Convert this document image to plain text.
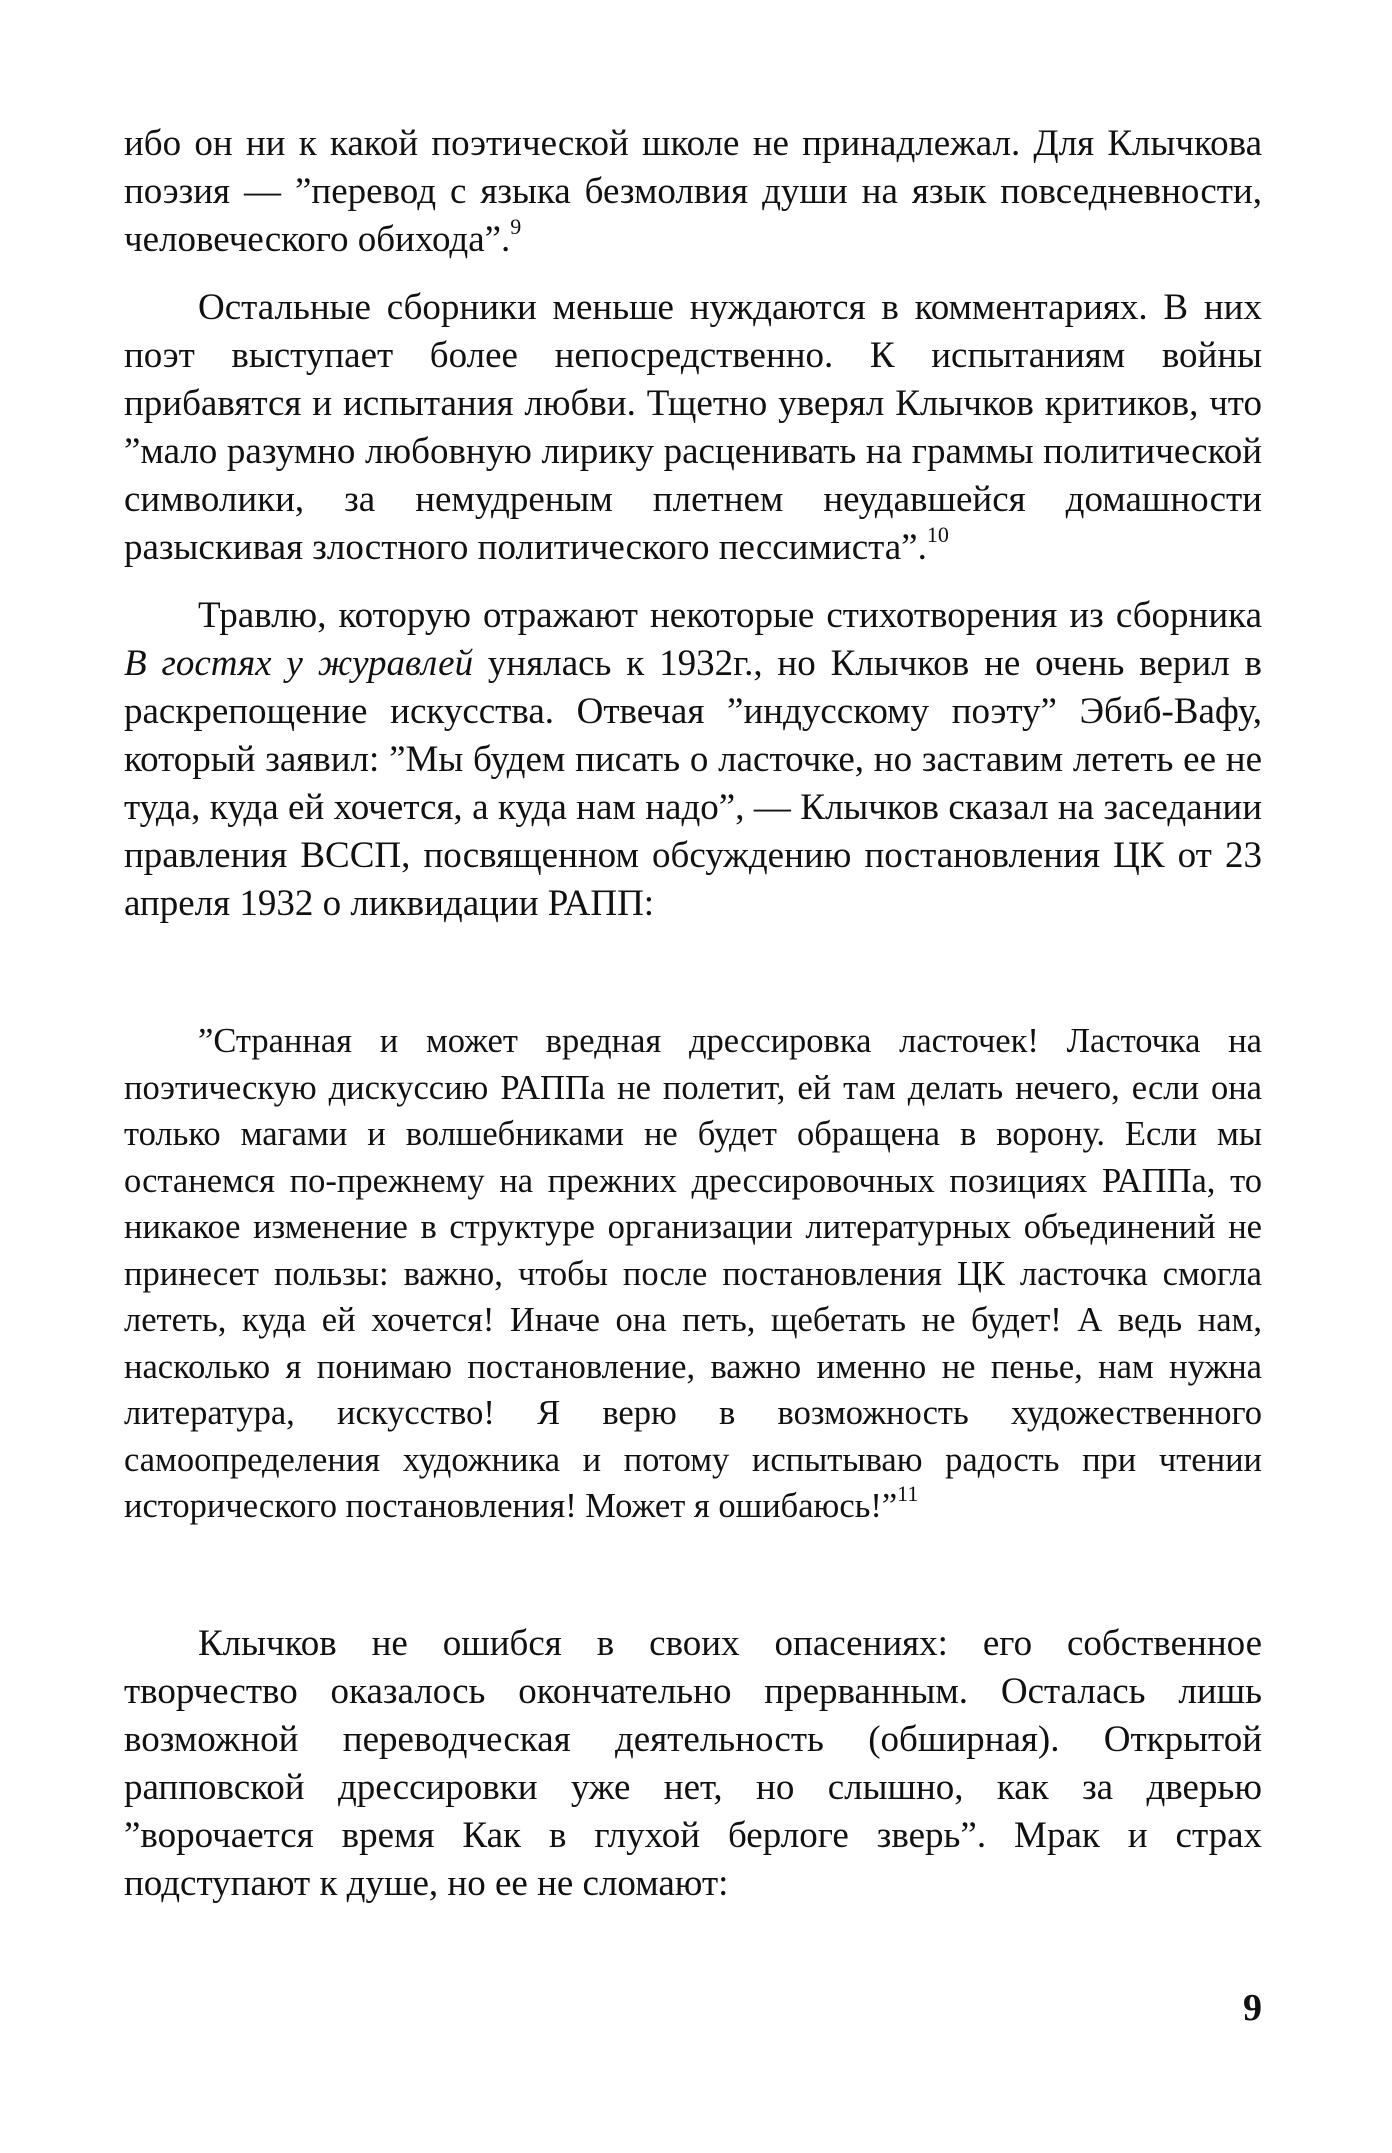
ибо он ни к какой поэтической школе не принадлежал. Для Клычкова поэзия — ”перевод с языка безмолвия души на язык повседневности, человеческого обихода”.$^9$

Остальные сборники меньше нуждаются в комментариях. В них поэт выступает более непосредственно. К испытаниям войны прибавятся и испытания любви. Тщетно уверял Клычков критиков, что ”мало разумно любовную лирику расценивать на граммы политической символики, за немудреным плетнем неудавшейся домашности разыскивая злостного политического пессимиста”.$^{10}$

Травлю, которую отражают некоторые стихотворения из сборника В гостях у журавлей унялась к 1932г., но Клычков не очень верил в раскрепощение искусства. Отвечая ”индусскому поэту” Эбиб-Вафу, который заявил: ”Мы будем писать о ласточке, но заставим лететь ее не туда, куда ей хочется, а куда нам надо”, — Клычков сказал на заседании правления ВССП, посвященном обсуждению постановления ЦК от 23 апреля 1932 о ликвидации РАПП:

”Странная и может вредная дрессировка ласточек! Ласточка на поэтическую дискуссию РАППа не полетит, ей там делать нечего, если она только магами и волшебниками не будет обращена в ворону. Если мы останемся по-прежнему на прежних дрессировочных позициях РАППа, то никакое изменение в структуре организации литературных объединений не принесет пользы: важно, чтобы после постановления ЦК ласточка смогла лететь, куда ей хочется! Иначе она петь, щебетать не будет! А ведь нам, насколько я понимаю постановление, важно именно не пенье, нам нужна литература, искусство! Я верю в возможность художественного самоопределения художника и потому испытываю радость при чтении исторического постановления! Может я ошибаюсь!”$^{11}$

Клычков не ошибся в своих опасениях: его собственное творчество оказалось окончательно прерванным. Осталась лишь возможной переводческая деятельность (обширная). Открытой рапповской дрессировки уже нет, но слышно, как за дверью ”ворочается время Как в глухой берлоге зверь”. Мрак и страх подступают к душе, но ее не сломают:

9
